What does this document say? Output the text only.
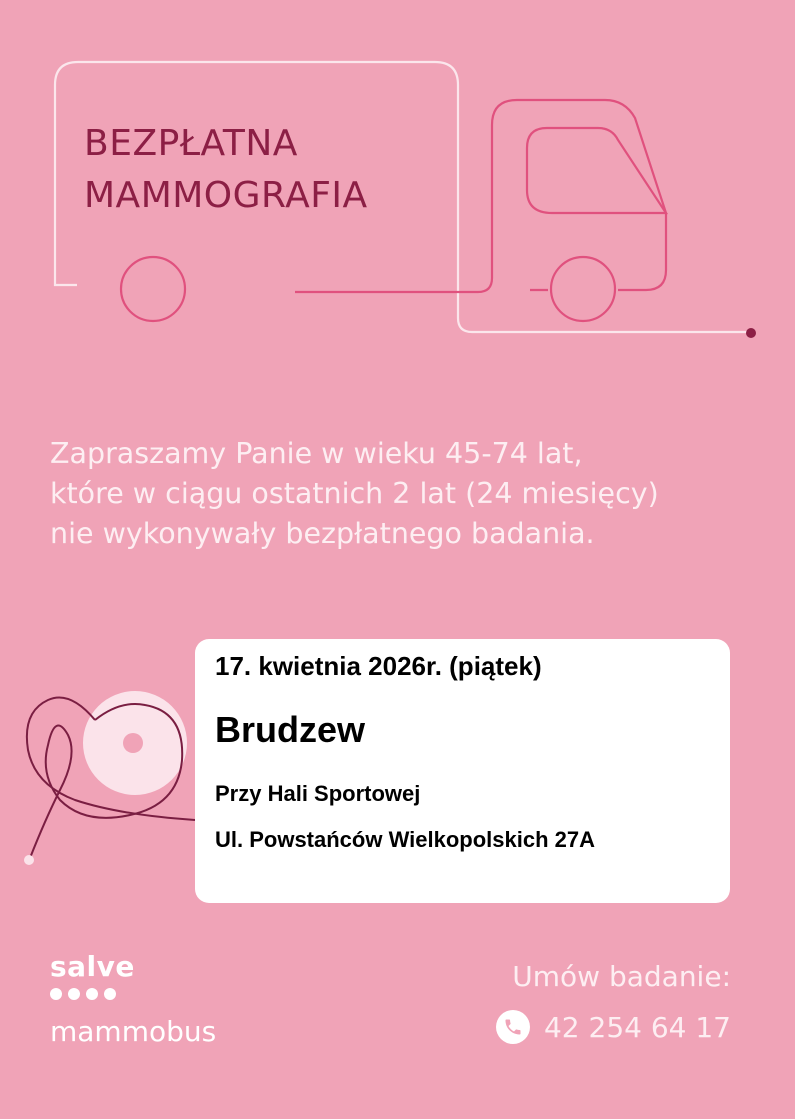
BEZPŁATNA
MAMMOGRAFIA
Zapraszamy Panie w wieku 45-74 lat,
które w ciągu ostatnich 2 lat (24 miesięcy)
nie wykonywały bezpłatnego badania.
17. kwietnia 2026r. (piątek)
Brudzew
Przy Hali Sportowej
Ul. Powstańców Wielkopolskich 27A
salve
mammobus
Umów badanie:
42 254 64 17
